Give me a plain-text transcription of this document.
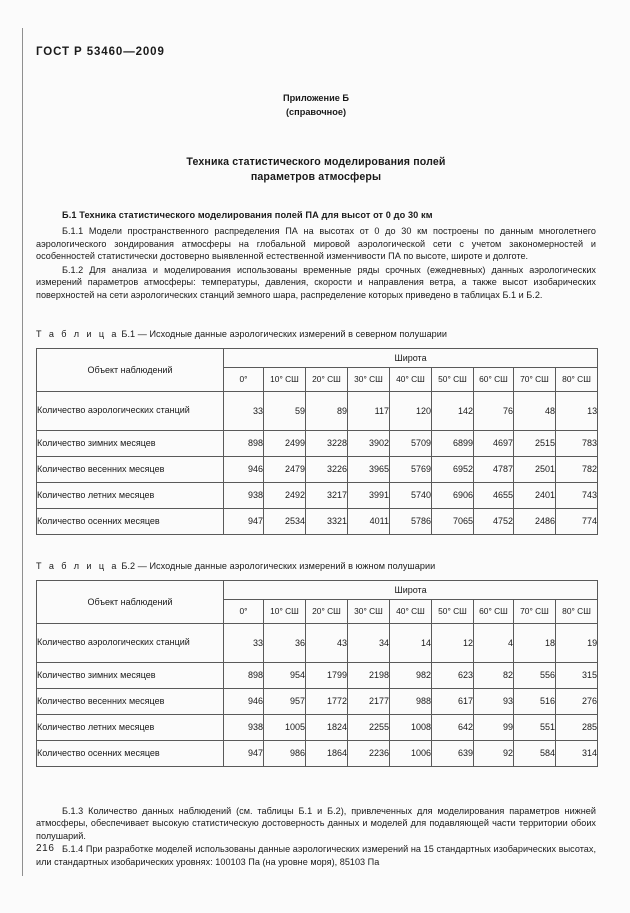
ГОСТ Р 53460—2009
Приложение Б
(справочное)
Техника статистического моделирования полей
параметров атмосферы
Б.1 Техника статистического моделирования полей ПА для высот от 0 до 30 км

Б.1.1 Модели пространственного распределения ПА на высотах от 0 до 30 км построены по данным многолетнего аэрологического зондирования атмосферы на глобальной мировой аэрологической сети с учетом закономерностей и особенностей статистически достоверно выявленной естественной изменчивости ПА по высоте, широте и долготе.

Б.1.2 Для анализа и моделирования использованы временные ряды срочных (ежедневных) данных аэрологических измерений параметров атмосферы: температуры, давления, скорости и направления ветра, а также высот изобарических поверхностей на сети аэрологических станций земного шара, распределение которых приведено в таблицах Б.1 и Б.2.

Т а б л и ц а Б.1 — Исходные данные аэрологических измерений в северном полушарии
Объект наблюдений	Широта								
	0°	10° СШ	20° СШ	30° СШ	40° СШ	50° СШ	60° СШ	70° СШ	80° СШ
Количество аэрологических станций	33	59	89	117	120	142	76	48	13
Количество зимних месяцев	898	2499	3228	3902	5709	6899	4697	2515	783
Количество весенних месяцев	946	2479	3226	3965	5769	6952	4787	2501	782
Количество летних месяцев	938	2492	3217	3991	5740	6906	4655	2401	743
Количество осенних месяцев	947	2534	3321	4011	5786	7065	4752	2486	774
Т а б л и ц а Б.2 — Исходные данные аэрологических измерений в южном полушарии
Объект наблюдений	Широта								
	0°	10° СШ	20° СШ	30° СШ	40° СШ	50° СШ	60° СШ	70° СШ	80° СШ
Количество аэрологических станций	33	36	43	34	14	12	4	18	19
Количество зимних месяцев	898	954	1799	2198	982	623	82	556	315
Количество весенних месяцев	946	957	1772	2177	988	617	93	516	276
Количество летних месяцев	938	1005	1824	2255	1008	642	99	551	285
Количество осенних месяцев	947	986	1864	2236	1006	639	92	584	314

Б.1.3 Количество данных наблюдений (см. таблицы Б.1 и Б.2), привлеченных для моделирования параметров нижней атмосферы, обеспечивает высокую статистическую достоверность данных и моделей для подавляющей части территории обоих полушарий.

Б.1.4 При разработке моделей использованы данные аэрологических измерений на 15 стандартных изобарических высотах, или стандартных изобарических уровнях: 100103 Па (на уровне моря), 85103 Па

216
